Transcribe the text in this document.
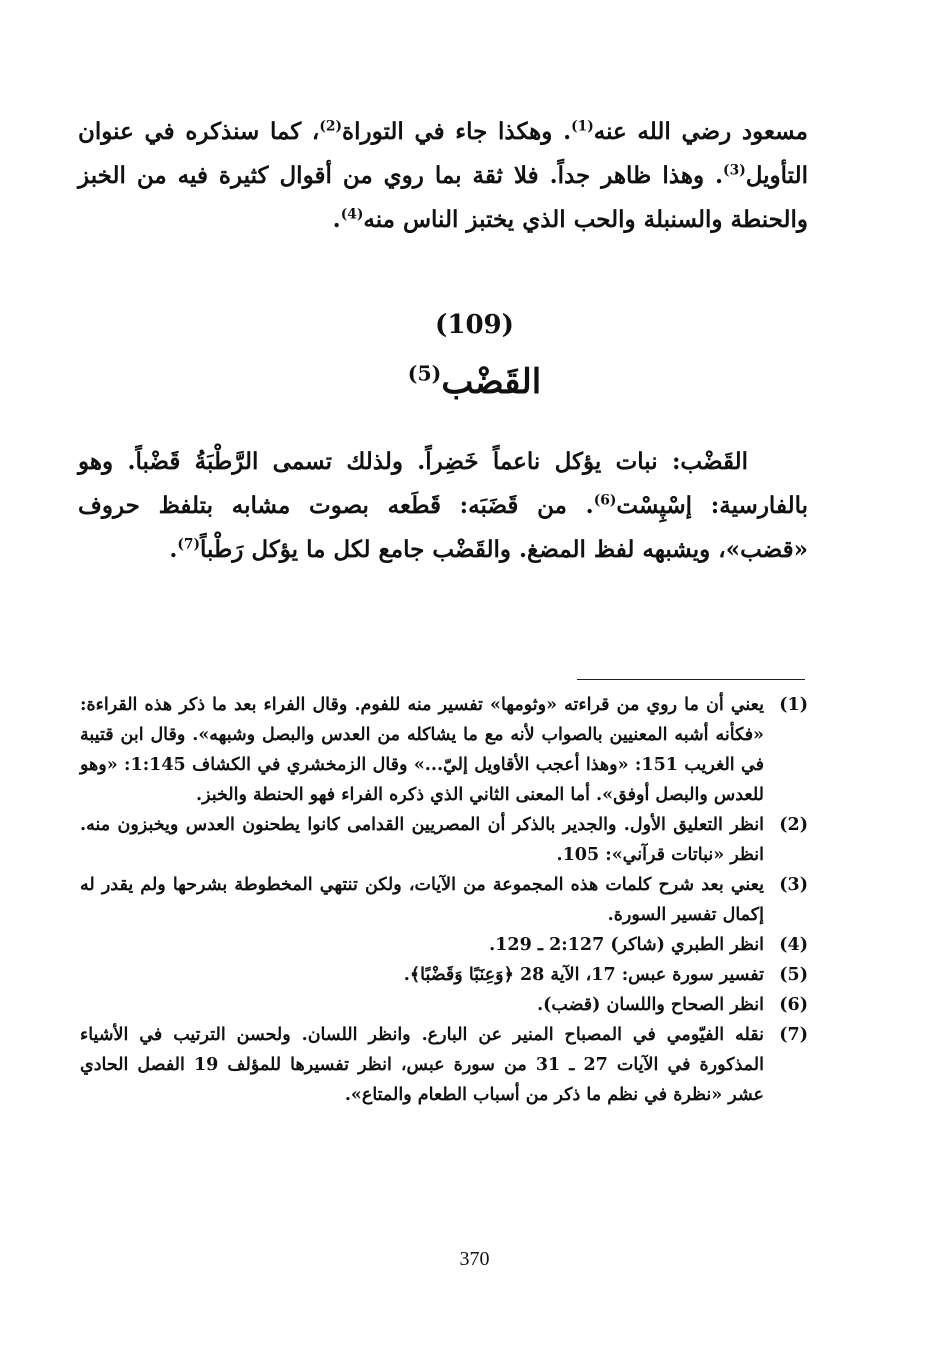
مسعود رضي الله عنه$^{(1)}$. وهكذا جاء في التوراة$^{(2)}$، كما سنذكره في عنوان التأويل$^{(3)}$. وهذا ظاهر جداً. فلا ثقة بما روي من أقوال كثيرة فيه من الخبز والحنطة والسنبلة والحب الذي يختبز الناس منه$^{(4)}$.

(109)
القَضْب$^{(5)}$

القَضْب: نبات يؤكل ناعماً خَضِراً. ولذلك تسمى الرَّطْبَةُ قَضْباً. وهو بالفارسية: إسْپِسْت$^{(6)}$. من قَضَبَه: قَطَعه بصوت مشابه بتلفظ حروف «قضب»، ويشبهه لفظ المضغ. والقَضْب جامع لكل ما يؤكل رَطْباً$^{(7)}$.

(1)
يعني أن ما روي من قراءته «وثومها» تفسير منه للفوم. وقال الفراء بعد ما ذكر هذه القراءة: «فكأنه أشبه المعنيين بالصواب لأنه مع ما يشاكله من العدس والبصل وشبهه». وقال ابن قتيبة في الغريب 151: «وهذا أعجب الأقاويل إليّ...» وقال الزمخشري في الكشاف 1:145: «وهو للعدس والبصل أوفق». أما المعنى الثاني الذي ذكره الفراء فهو الحنطة والخبز.
(2)
انظر التعليق الأول. والجدير بالذكر أن المصريين القدامى كانوا يطحنون العدس ويخبزون منه. انظر «نباتات قرآني»: 105.
(3)
يعني بعد شرح كلمات هذه المجموعة من الآيات، ولكن تنتهي المخطوطة بشرحها ولم يقدر له إكمال تفسير السورة.
(4)
انظر الطبري (شاكر) 2:127 ـ 129.
(5)
تفسير سورة عبس: 17، الآية 28 ﴿وَعِنَبًا وَقَضْبًا﴾.
(6)
انظر الصحاح واللسان (قضب).
(7)
نقله الفيّومي في المصباح المنير عن البارع. وانظر اللسان. ولحسن الترتيب في الأشياء المذكورة في الآيات 27 ـ 31 من سورة عبس، انظر تفسيرها للمؤلف 19 الفصل الحادي عشر «نظرة في نظم ما ذكر من أسباب الطعام والمتاع».
370
